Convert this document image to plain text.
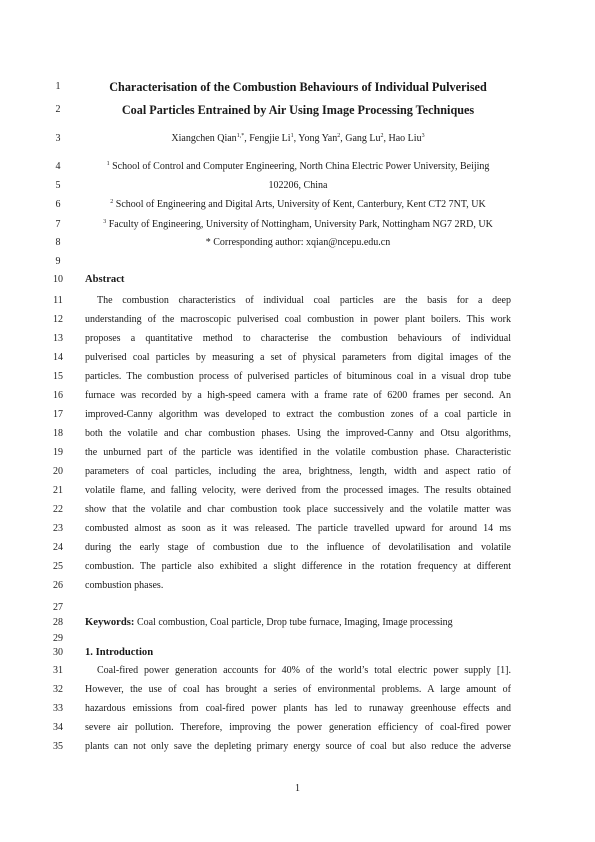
1
2
3
4
5
6
7
8
9
10
11
12
13
14
15
16
17
18
19
20
21
22
23
24
25
26
27
28
29
30
31
32
33
34
35
Characterisation of the Combustion Behaviours of Individual Pulverised
Coal Particles Entrained by Air Using Image Processing Techniques
Xiangchen Qian$^{1,*}$, Fengjie Li$^1$, Yong Yan$^2$, Gang Lu$^2$, Hao Liu$^3$
$^1$ School of Control and Computer Engineering, North China Electric Power University, Beijing
102206, China
$^2$ School of Engineering and Digital Arts, University of Kent, Canterbury, Kent CT2 7NT, UK
$^3$ Faculty of Engineering, University of Nottingham, University Park, Nottingham NG7 2RD, UK
* Corresponding author: xqian@ncepu.edu.cn
Abstract
The combustion characteristics of individual coal particles are the basis for a deep
understanding of the macroscopic pulverised coal combustion in power plant boilers. This work
proposes a quantitative method to characterise the combustion behaviours of individual
pulverised coal particles by measuring a set of physical parameters from digital images of the
particles. The combustion process of pulverised particles of bituminous coal in a visual drop tube
furnace was recorded by a high-speed camera with a frame rate of 6200 frames per second. An
improved-Canny algorithm was developed to extract the combustion zones of a coal particle in
both the volatile and char combustion phases. Using the improved-Canny and Otsu algorithms,
the unburned part of the particle was identified in the volatile combustion phase. Characteristic
parameters of coal particles, including the area, brightness, length, width and aspect ratio of
volatile flame, and falling velocity, were derived from the processed images. The results obtained
show that the volatile and char combustion took place successively and the volatile matter was
combusted almost as soon as it was released. The particle travelled upward for around 14 ms
during the early stage of combustion due to the influence of devolatilisation and volatile
combustion. The particle also exhibited a slight difference in the rotation frequency at different
combustion phases.
Keywords: Coal combustion, Coal particle, Drop tube furnace, Imaging, Image processing
1. Introduction
Coal-fired power generation accounts for 40% of the world’s total electric power supply [1].
However, the use of coal has brought a series of environmental problems. A large amount of
hazardous emissions from coal-fired power plants has led to runaway greenhouse effects and
severe air pollution. Therefore, improving the power generation efficiency of coal-fired power
plants can not only save the depleting primary energy source of coal but also reduce the adverse
1
